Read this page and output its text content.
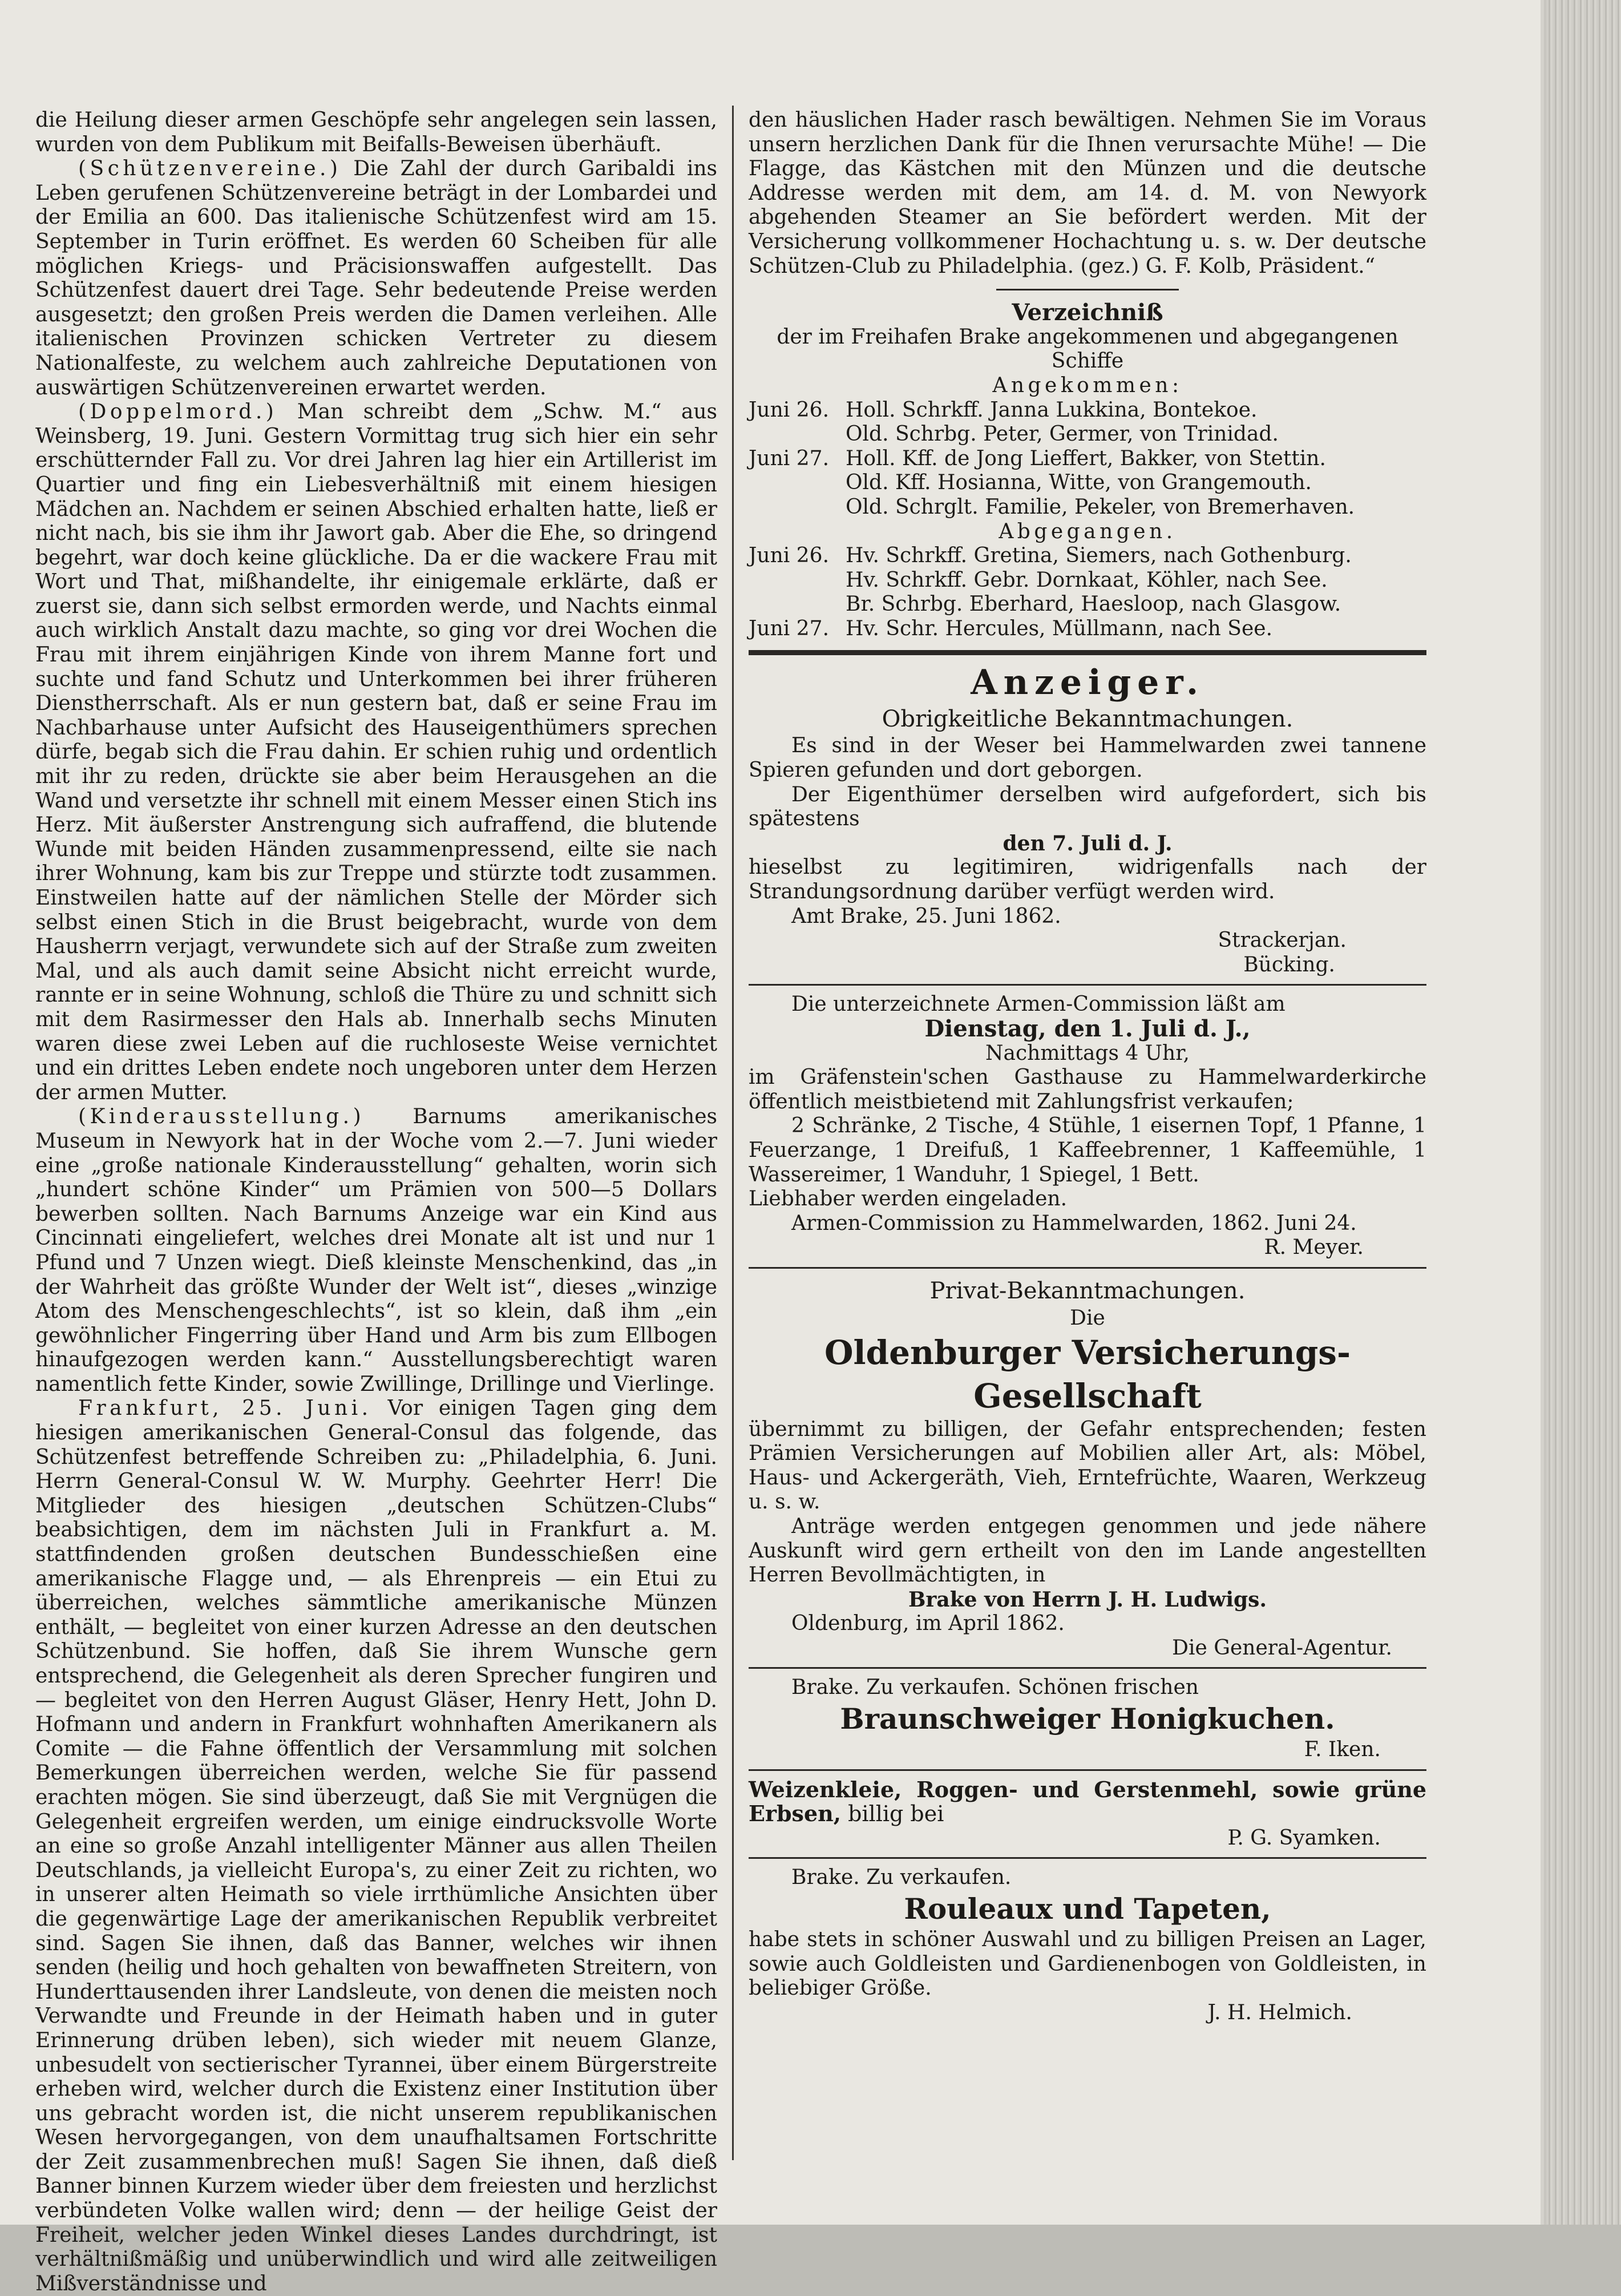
die Heilung dieser armen Geschöpfe sehr angelegen sein lassen, wurden von dem Publikum mit Beifalls-Beweisen überhäuft.

(Schützenvereine.) Die Zahl der durch Garibaldi ins Leben gerufenen Schützenvereine beträgt in der Lombardei und der Emilia an 600. Das italienische Schützenfest wird am 15. September in Turin eröffnet. Es werden 60 Scheiben für alle möglichen Kriegs- und Präcisionswaffen aufgestellt. Das Schützenfest dauert drei Tage. Sehr bedeutende Preise werden ausgesetzt; den großen Preis werden die Damen verleihen. Alle italienischen Provinzen schicken Vertreter zu diesem Nationalfeste, zu welchem auch zahlreiche Deputationen von auswärtigen Schützenvereinen erwartet werden.

(Doppelmord.) Man schreibt dem „Schw. M.“ aus Weinsberg, 19. Juni. Gestern Vormittag trug sich hier ein sehr erschütternder Fall zu. Vor drei Jahren lag hier ein Artillerist im Quartier und fing ein Liebesverhältniß mit einem hiesigen Mädchen an. Nachdem er seinen Abschied erhalten hatte, ließ er nicht nach, bis sie ihm ihr Jawort gab. Aber die Ehe, so dringend begehrt, war doch keine glückliche. Da er die wackere Frau mit Wort und That, mißhandelte, ihr einigemale erklärte, daß er zuerst sie, dann sich selbst ermorden werde, und Nachts einmal auch wirklich Anstalt dazu machte, so ging vor drei Wochen die Frau mit ihrem einjährigen Kinde von ihrem Manne fort und suchte und fand Schutz und Unterkommen bei ihrer früheren Dienstherrschaft. Als er nun gestern bat, daß er seine Frau im Nachbarhause unter Aufsicht des Hauseigenthümers sprechen dürfe, begab sich die Frau dahin. Er schien ruhig und ordentlich mit ihr zu reden, drückte sie aber beim Herausgehen an die Wand und versetzte ihr schnell mit einem Messer einen Stich ins Herz. Mit äußerster Anstrengung sich aufraffend, die blutende Wunde mit beiden Händen zusammenpressend, eilte sie nach ihrer Wohnung, kam bis zur Treppe und stürzte todt zusammen. Einstweilen hatte auf der nämlichen Stelle der Mörder sich selbst einen Stich in die Brust beigebracht, wurde von dem Hausherrn verjagt, verwundete sich auf der Straße zum zweiten Mal, und als auch damit seine Absicht nicht erreicht wurde, rannte er in seine Wohnung, schloß die Thüre zu und schnitt sich mit dem Rasirmesser den Hals ab. Innerhalb sechs Minuten waren diese zwei Leben auf die ruchloseste Weise vernichtet und ein drittes Leben endete noch ungeboren unter dem Herzen der armen Mutter.

(Kinderausstellung.) Barnums amerikanisches Museum in Newyork hat in der Woche vom 2.—7. Juni wieder eine „große nationale Kinderausstellung“ gehalten, worin sich „hundert schöne Kinder“ um Prämien von 500—5 Dollars bewerben sollten. Nach Barnums Anzeige war ein Kind aus Cincinnati eingeliefert, welches drei Monate alt ist und nur 1 Pfund und 7 Unzen wiegt. Dieß kleinste Menschenkind, das „in der Wahrheit das größte Wunder der Welt ist“, dieses „winzige Atom des Menschengeschlechts“, ist so klein, daß ihm „ein gewöhnlicher Fingerring über Hand und Arm bis zum Ellbogen hinaufgezogen werden kann.“ Ausstellungsberechtigt waren namentlich fette Kinder, sowie Zwillinge, Drillinge und Vierlinge.

Frankfurt, 25. Juni. Vor einigen Tagen ging dem hiesigen amerikanischen General-Consul das folgende, das Schützenfest betreffende Schreiben zu: „Philadelphia, 6. Juni. Herrn General-Consul W. W. Murphy. Geehrter Herr! Die Mitglieder des hiesigen „deutschen Schützen-Clubs“ beabsichtigen, dem im nächsten Juli in Frankfurt a. M. stattfindenden großen deutschen Bundesschießen eine amerikanische Flagge und, — als Ehrenpreis — ein Etui zu überreichen, welches sämmtliche amerikanische Münzen enthält, — begleitet von einer kurzen Adresse an den deutschen Schützenbund. Sie hoffen, daß Sie ihrem Wunsche gern entsprechend, die Gelegenheit als deren Sprecher fungiren und — begleitet von den Herren August Gläser, Henry Hett, John D. Hofmann und andern in Frankfurt wohnhaften Amerikanern als Comite — die Fahne öffentlich der Versammlung mit solchen Bemerkungen überreichen werden, welche Sie für passend erachten mögen. Sie sind überzeugt, daß Sie mit Vergnügen die Gelegenheit ergreifen werden, um einige eindrucksvolle Worte an eine so große Anzahl intelligenter Männer aus allen Theilen Deutschlands, ja vielleicht Europa's, zu einer Zeit zu richten, wo in unserer alten Heimath so viele irrthümliche Ansichten über die gegenwärtige Lage der amerikanischen Republik verbreitet sind. Sagen Sie ihnen, daß das Banner, welches wir ihnen senden (heilig und hoch gehalten von bewaffneten Streitern, von Hunderttausenden ihrer Landsleute, von denen die meisten noch Verwandte und Freunde in der Heimath haben und in guter Erinnerung drüben leben), sich wieder mit neuem Glanze, unbesudelt von sectierischer Tyrannei, über einem Bürgerstreite erheben wird, welcher durch die Existenz einer Institution über uns gebracht worden ist, die nicht unserem republikanischen Wesen hervorgegangen, von dem unaufhaltsamen Fortschritte der Zeit zusammenbrechen muß! Sagen Sie ihnen, daß dieß Banner binnen Kurzem wieder über dem freiesten und herzlichst verbündeten Volke wallen wird; denn — der heilige Geist der Freiheit, welcher jeden Winkel dieses Landes durchdringt, ist verhältnißmäßig und unüberwindlich und wird alle zeitweiligen Mißverständnisse und

den häuslichen Hader rasch bewältigen. Nehmen Sie im Voraus unsern herzlichen Dank für die Ihnen verursachte Mühe! — Die Flagge, das Kästchen mit den Münzen und die deutsche Addresse werden mit dem, am 14. d. M. von Newyork abgehenden Steamer an Sie befördert werden. Mit der Versicherung vollkommener Hochachtung u. s. w. Der deutsche Schützen-Club zu Philadelphia. (gez.) G. F. Kolb, Präsident.“

Verzeichniß

der im Freihafen Brake angekommenen und abgegangenen Schiffe

Angekommen:

Juni 26. Holl. Schrkff. Janna Lukkina, Bontekoe.
Old. Schrbg. Peter, Germer, von Trinidad.
Juni 27. Holl. Kff. de Jong Lieffert, Bakker, von Stettin.
Old. Kff. Hosianna, Witte, von Grangemouth.
Old. Schrglt. Familie, Pekeler, von Bremerhaven.

Abgegangen.

Juni 26. Hv. Schrkff. Gretina, Siemers, nach Gothenburg.
Hv. Schrkff. Gebr. Dornkaat, Köhler, nach See.
Br. Schrbg. Eberhard, Haesloop, nach Glasgow.
Juni 27. Hv. Schr. Hercules, Müllmann, nach See.

Anzeiger.

Obrigkeitliche Bekanntmachungen.

Es sind in der Weser bei Hammelwarden zwei tannene Spieren gefunden und dort geborgen.

Der Eigenthümer derselben wird aufgefordert, sich bis spätestens

den 7. Juli d. J.

hieselbst zu legitimiren, widrigenfalls nach der Strandungsordnung darüber verfügt werden wird.

Amt Brake, 25. Juni 1862.

Strackerjan.

Bücking.

Die unterzeichnete Armen-Commission läßt am

Dienstag, den 1. Juli d. J.,

Nachmittags 4 Uhr,

im Gräfenstein'schen Gasthause zu Hammelwarderkirche öffentlich meistbietend mit Zahlungsfrist verkaufen;

2 Schränke, 2 Tische, 4 Stühle, 1 eisernen Topf, 1 Pfanne, 1 Feuerzange, 1 Dreifuß, 1 Kaffeebrenner, 1 Kaffeemühle, 1 Wassereimer, 1 Wanduhr, 1 Spiegel, 1 Bett.

Liebhaber werden eingeladen.

Armen-Commission zu Hammelwarden, 1862. Juni 24.

R. Meyer.

Privat-Bekanntmachungen.

Die

Oldenburger Versicherungs-

Gesellschaft

übernimmt zu billigen, der Gefahr entsprechenden; festen Prämien Versicherungen auf Mobilien aller Art, als: Möbel, Haus- und Ackergeräth, Vieh, Erntefrüchte, Waaren, Werkzeug u. s. w.

Anträge werden entgegen genommen und jede nähere Auskunft wird gern ertheilt von den im Lande angestellten Herren Bevollmächtigten, in

Brake von Herrn J. H. Ludwigs.

Oldenburg, im April 1862.

Die General-Agentur.

Brake. Zu verkaufen. Schönen frischen

Braunschweiger Honigkuchen.

F. Iken.

Weizenkleie, Roggen- und Gerstenmehl, sowie grüne Erbsen, billig bei

P. G. Syamken.

Brake. Zu verkaufen.

Rouleaux und Tapeten,

habe stets in schöner Auswahl und zu billigen Preisen an Lager, sowie auch Goldleisten und Gardienenbogen von Goldleisten, in beliebiger Größe.

J. H. Helmich.
